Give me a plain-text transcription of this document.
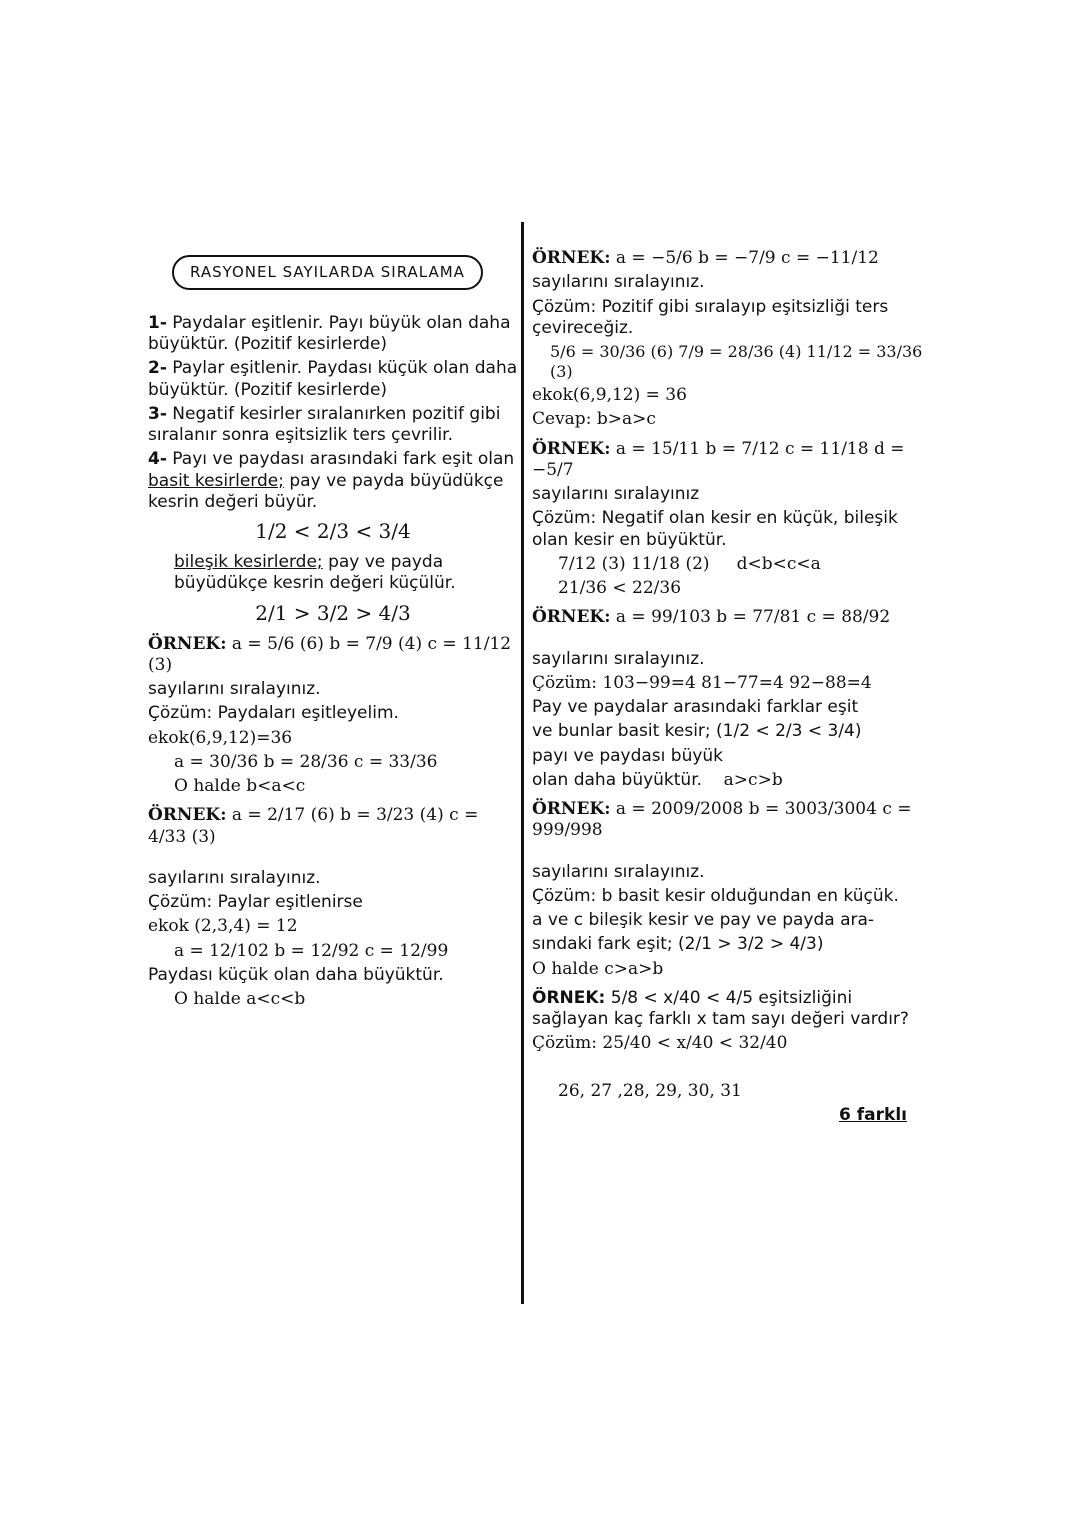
RASYONEL SAYILARDA SIRALAMA
1- Paydalar eşitlenir. Payı büyük olan daha büyüktür. (Pozitif kesirlerde)
2- Paylar eşitlenir. Paydası küçük olan daha büyüktür. (Pozitif kesirlerde)
3- Negatif kesirler sıralanırken pozitif gibi sıralanır sonra eşitsizlik ters çevrilir.
4- Payı ve paydası arasındaki fark eşit olan basit kesirlerde; pay ve payda büyüdükçe kesrin değeri büyür.
1/2 < 2/3 < 3/4
bileşik kesirlerde; pay ve payda büyüdükçe kesrin değeri küçülür.
2/1 > 3/2 > 4/3
ÖRNEK: a = 5/6 (6) b = 7/9 (4) c = 11/12 (3)
sayılarını sıralayınız.
Çözüm: Paydaları eşitleyelim.
ekok(6,9,12)=36
a = 30/36 b = 28/36 c = 33/36
O halde b<a<c
ÖRNEK: a = 2/17 (6) b = 3/23 (4) c = 4/33 (3)
sayılarını sıralayınız.
Çözüm: Paylar eşitlenirse
ekok (2,3,4) = 12
a = 12/102 b = 12/92 c = 12/99
Paydası küçük olan daha büyüktür.
O halde a<c<b
ÖRNEK: a = −5/6 b = −7/9 c = −11/12
sayılarını sıralayınız.
Çözüm: Pozitif gibi sıralayıp eşitsizliği ters çevireceğiz.
5/6 = 30/36 (6) 7/9 = 28/36 (4) 11/12 = 33/36 (3)
ekok(6,9,12) = 36
Cevap: b>a>c
ÖRNEK: a = 15/11 b = 7/12 c = 11/18 d = −5/7
sayılarını sıralayınız
Çözüm: Negatif olan kesir en küçük, bileşik olan kesir en büyüktür.
7/12 (3) 11/18 (2) d<b<c<a
21/36 < 22/36
ÖRNEK: a = 99/103 b = 77/81 c = 88/92
sayılarını sıralayınız.
Çözüm: 103−99=4 81−77=4 92−88=4
Pay ve paydalar arasındaki farklar eşit
ve bunlar basit kesir; (1/2 < 2/3 < 3/4)
payı ve paydası büyük
olan daha büyüktür. a>c>b
ÖRNEK: a = 2009/2008 b = 3003/3004 c = 999/998
sayılarını sıralayınız.
Çözüm: b basit kesir olduğundan en küçük.
a ve c bileşik kesir ve pay ve payda ara-
sındaki fark eşit; (2/1 > 3/2 > 4/3)
O halde c>a>b
ÖRNEK: 5/8 < x/40 < 4/5 eşitsizliğini sağlayan kaç farklı x tam sayı değeri vardır?
Çözüm: 25/40 < x/40 < 32/40
26, 27 ,28, 29, 30, 31
6 farklı
